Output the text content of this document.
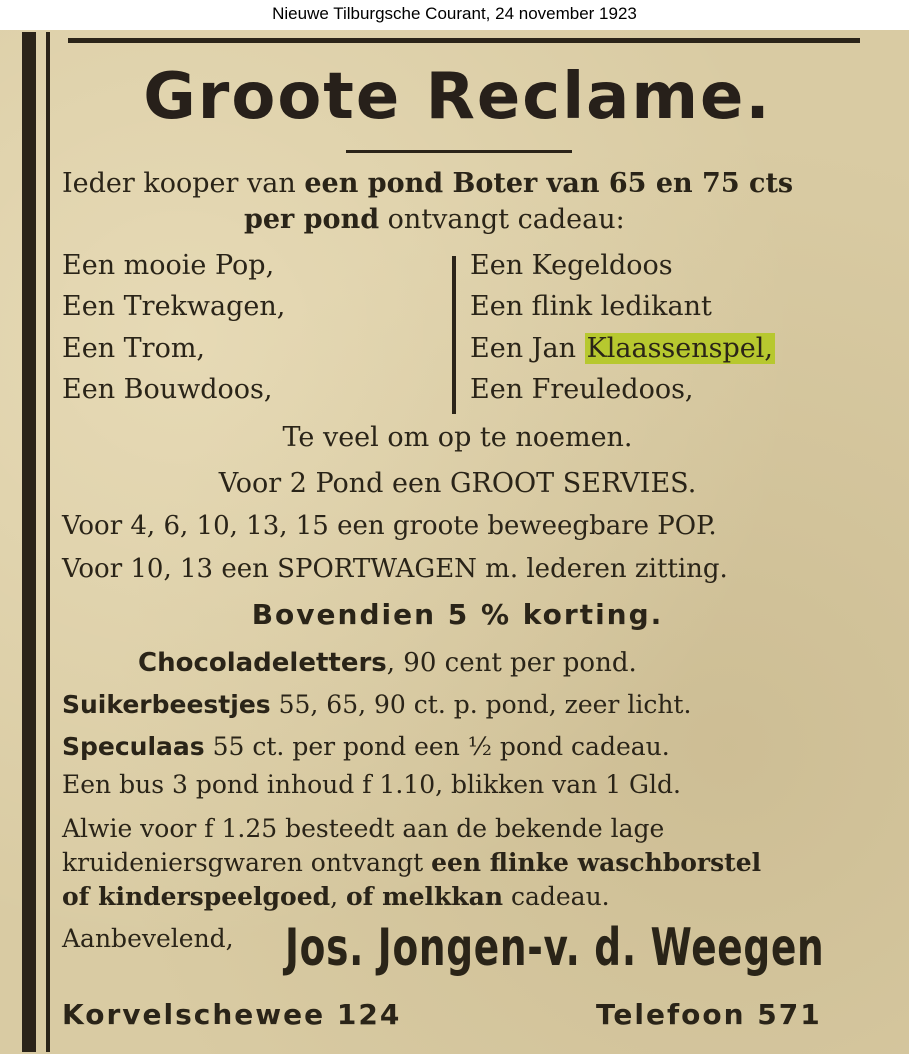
Nieuwe Tilburgsche Courant, 24 november 1923
Groote Reclame.
Ieder kooper van een pond Boter van 65 en 75 cts
per pond ontvangt cadeau:
Een mooie Pop,
Een Trekwagen,
Een Trom,
Een Bouwdoos,
Een Kegeldoos
Een flink ledikant
Een Jan Klaassenspel,
Een Freuledoos,
Te veel om op te noemen.
Voor 2 Pond een GROOT SERVIES.
Voor 4, 6, 10, 13, 15 een groote beweegbare POP.
Voor 10, 13 een SPORTWAGEN m. lederen zitting.
Bovendien 5 % korting.
Chocoladeletters, 90 cent per pond.
Suikerbeestjes 55, 65, 90 ct. p. pond, zeer licht.
Speculaas 55 ct. per pond een ½ pond cadeau.
Een bus 3 pond inhoud f 1.10, blikken van 1 Gld.
Alwie voor f 1.25 besteedt aan de bekende lage
kruideniersgwaren ontvangt een flinke waschborstel
of kinderspeelgoed, of melkkan cadeau.
Aanbevelend, Jos. Jongen-v. d. Weegen
Korvelschewee 124	Telefoon 571
